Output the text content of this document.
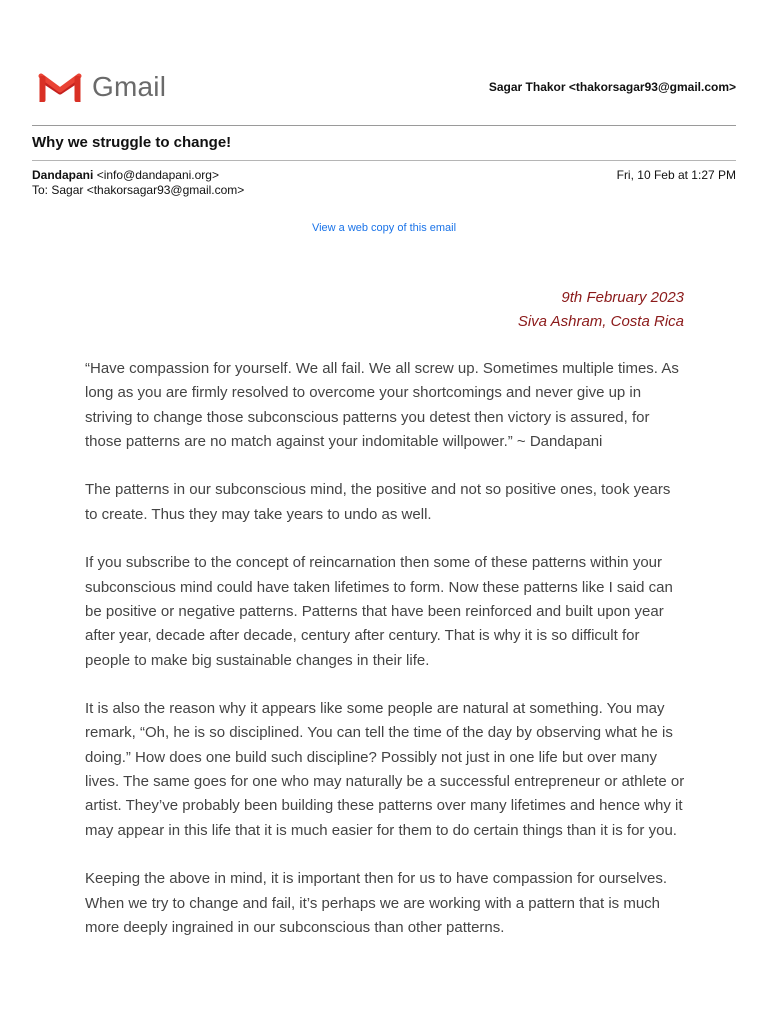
Gmail	Sagar Thakor <thakorsagar93@gmail.com>
Why we struggle to change!
Dandapani <info@dandapani.org>
To: Sagar <thakorsagar93@gmail.com>
Fri, 10 Feb at 1:27 PM
View a web copy of this email
9th February 2023
Siva Ashram, Costa Rica

“Have compassion for yourself. We all fail. We all screw up. Sometimes multiple times. As long as you are firmly resolved to overcome your shortcomings and never give up in striving to change those subconscious patterns you detest then victory is assured, for those patterns are no match against your indomitable willpower.” ~ Dandapani

The patterns in our subconscious mind, the positive and not so positive ones, took years to create. Thus they may take years to undo as well.

If you subscribe to the concept of reincarnation then some of these patterns within your subconscious mind could have taken lifetimes to form. Now these patterns like I said can be positive or negative patterns. Patterns that have been reinforced and built upon year after year, decade after decade, century after century. That is why it is so difficult for people to make big sustainable changes in their life.

It is also the reason why it appears like some people are natural at something. You may remark, “Oh, he is so disciplined. You can tell the time of the day by observing what he is doing.” How does one build such discipline? Possibly not just in one life but over many lives. The same goes for one who may naturally be a successful entrepreneur or athlete or artist. They’ve probably been building these patterns over many lifetimes and hence why it may appear in this life that it is much easier for them to do certain things than it is for you.

Keeping the above in mind, it is important then for us to have compassion for ourselves. When we try to change and fail, it’s perhaps we are working with a pattern that is much more deeply ingrained in our subconscious than other patterns.
